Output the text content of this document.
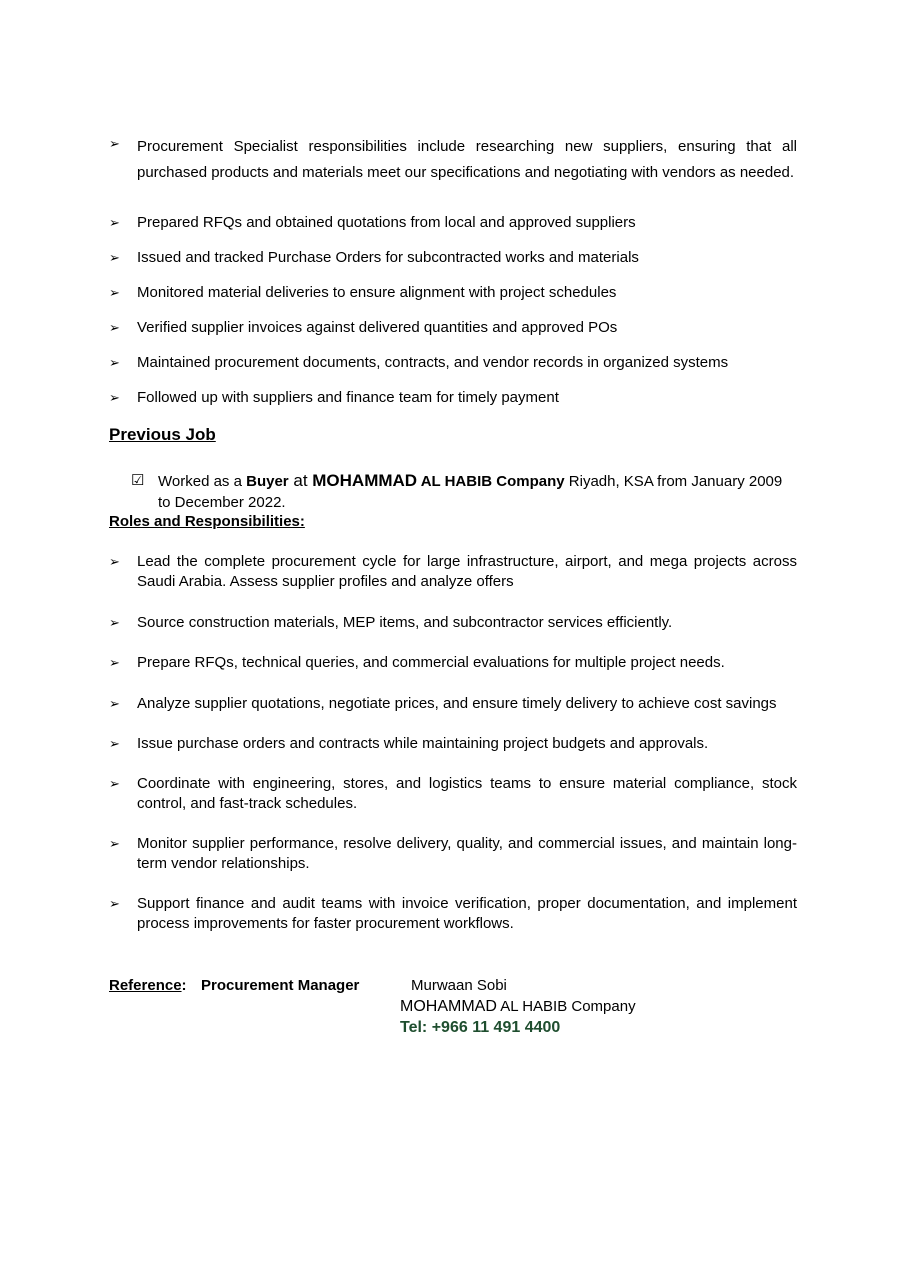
➢ Procurement Specialist responsibilities include researching new suppliers, ensuring that all purchased products and materials meet our specifications and negotiating with vendors as needed.
➢ Prepared RFQs and obtained quotations from local and approved suppliers
➢ Issued and tracked Purchase Orders for subcontracted works and materials
➢ Monitored material deliveries to ensure alignment with project schedules
➢ Verified supplier invoices against delivered quantities and approved POs
➢ Maintained procurement documents, contracts, and vendor records in organized systems
➢ Followed up with suppliers and finance team for timely payment
Previous Job
☑ Worked as a Buyer at MOHAMMAD AL HABIB Company Riyadh, KSA from January 2009 to December 2022.
Roles and Responsibilities:
➢ Lead the complete procurement cycle for large infrastructure, airport, and mega projects across Saudi Arabia. Assess supplier profiles and analyze offers
➢ Source construction materials, MEP items, and subcontractor services efficiently.
➢ Prepare RFQs, technical queries, and commercial evaluations for multiple project needs.
➢ Analyze supplier quotations, negotiate prices, and ensure timely delivery to achieve cost savings
➢ Issue purchase orders and contracts while maintaining project budgets and approvals.
➢ Coordinate with engineering, stores, and logistics teams to ensure material compliance, stock control, and fast-track schedules.
➢ Monitor supplier performance, resolve delivery, quality, and commercial issues, and maintain long-term vendor relationships.
➢ Support finance and audit teams with invoice verification, proper documentation, and implement process improvements for faster procurement workflows.
Reference: Procurement Manager	Murwaan Sobi
MOHAMMAD AL HABIB Company
Tel: +966 11 491 4400
